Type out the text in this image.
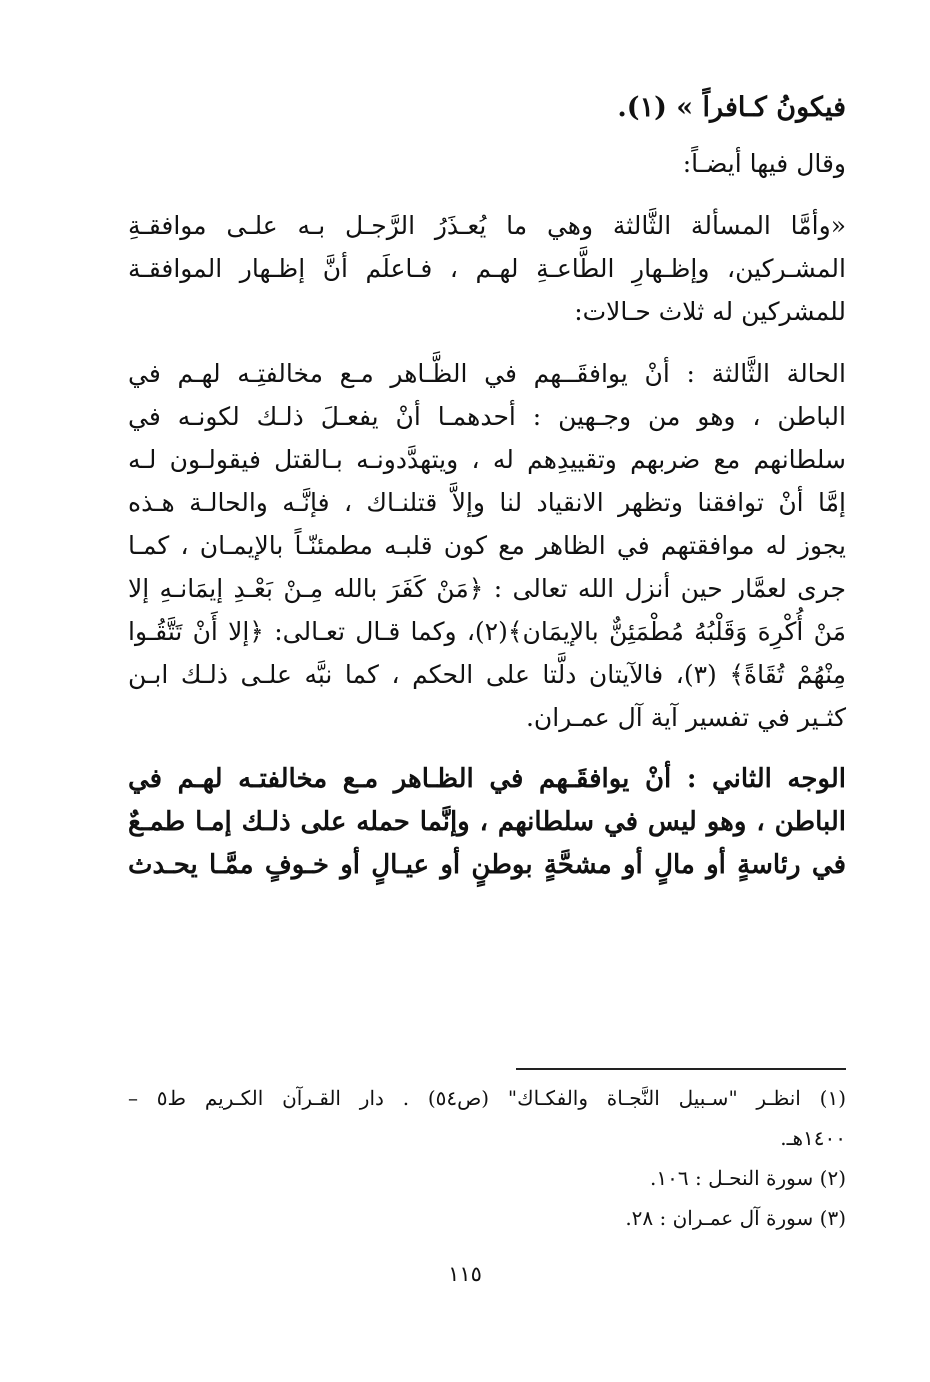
فيكونُ كـافراً » (١).
وقال فيها أيضـاً:
«وأمَّا المسألة الثَّالثة وهي ما يُعـذَرُ الرَّجـل بـه علـى موافقـةِ
المشـركين، وإظـهارِ الطَّاعـةِ لهـم ، فـاعلَم أنَّ إظـهار الموافقـة
للمشركين له ثلاث حـالات:
الحالة الثَّالثة : أنْ يوافقَــهم في الظَّـاهر مـع مخالفتِـه لهـم في
الباطن ، وهو من وجـهين : أحدهمـا أنْ يفعـلَ ذلـك لكونـه في
سلطانهم مع ضربهم وتقييدِهم له ، ويتهدَّدونـه بـالقتل فيقولـون لـه
إمَّا أنْ توافقنا وتظهر الانقياد لنا وإلاَّ قتلنـاك ، فإنَّـه والحالـة هـذه
يجوز له موافقتهم في الظاهر مع كون قلبـه مطمئنّـاً بالإيمـان ، كمـا
جرى لعمَّار حين أنزل الله تعالى : ﴿مَنْ كَفَرَ بالله مِـنْ بَعْـدِ إيمَانـهِ إلا
مَنْ أُكْرِهَ وَقَلْبُهُ مُطْمَئِنٌّ بالإيمَان﴾(٢)، وكما قـال تعـالى: ﴿إلا أَنْ تَتَّقُـوا
مِنْهُمْ تُقَاةً﴾ (٣)، فالآيتان دلَّتا على الحكم ، كما نبَّه علـى ذلـك ابـن
كثـير في تفسير آية آل عمـران.
الوجه الثاني : أنْ يوافقَـهم في الظـاهر مـع مخالفتـه لهـم في
الباطن ، وهو ليس في سلطانهم ، وإنَّما حمله على ذلـك إمـا طمـعٌ
في رئاسةٍ أو مالٍ أو مشحَّةٍ بوطنٍ أو عيـالٍ أو خـوفٍ ممَّـا يحـدث
(١) انظـر "سـبيل النَّجـاة والفكـاك" (ص٥٤) . دار القـرآن الكـريم ط٥ –
١٤٠٠هـ.
(٢) سورة النحـل : ١٠٦.
(٣) سورة آل عمـران : ٢٨.
١١٥
